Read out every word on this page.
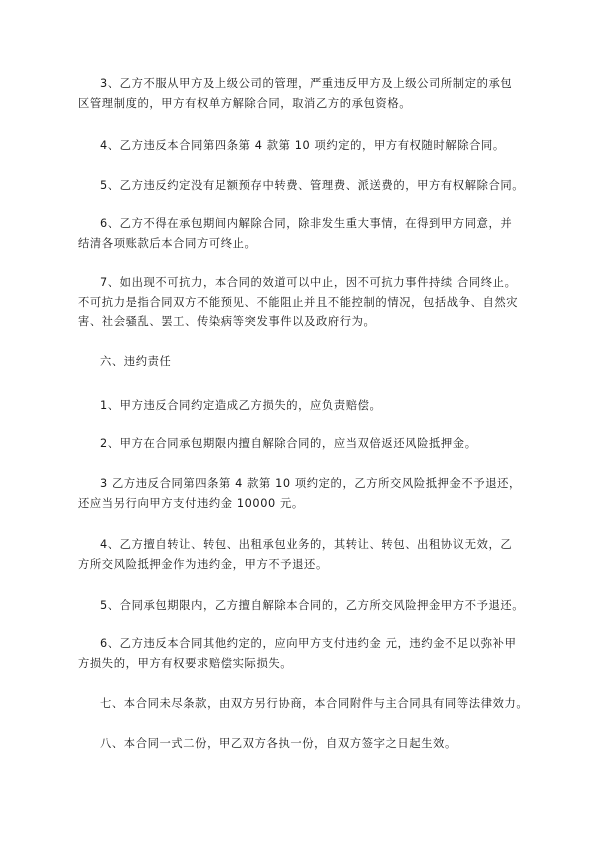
3、乙方不服从甲方及上级公司的管理，严重违反甲方及上级公司所制定的承包
区管理制度的，甲方有权单方解除合同，取消乙方的承包资格。
4、乙方违反本合同第四条第 4 款第 10 项约定的，甲方有权随时解除合同。
5、乙方违反约定没有足额预存中转费、管理费、派送费的，甲方有权解除合同。
6、乙方不得在承包期间内解除合同，除非发生重大事情，在得到甲方同意，并
结清各项账款后本合同方可终止。
7、如出现不可抗力，本合同的效道可以中止，因不可抗力事件持续 合同终止。
不可抗力是指合同双方不能预见、不能阻止并且不能控制的情况，包括战争、自然灾
害、社会骚乱、罢工、传染病等突发事件以及政府行为。
六、违约责任
1、甲方违反合同约定造成乙方损失的，应负责赔偿。
2、甲方在合同承包期限内擅自解除合同的，应当双倍返还风险抵押金。
3 乙方违反合同第四条第 4 款第 10 项约定的，乙方所交风险抵押金不予退还，
还应当另行向甲方支付违约金 10000 元。
4、乙方擅自转让、转包、出租承包业务的，其转让、转包、出租协议无效，乙
方所交风险抵押金作为违约金，甲方不予退还。
5、合同承包期限内，乙方擅自解除本合同的，乙方所交风险押金甲方不予退还。
6、乙方违反本合同其他约定的，应向甲方支付违约金 元，违约金不足以弥补甲
方损失的，甲方有权要求赔偿实际损失。
七、本合同未尽条款，由双方另行协商，本合同附件与主合同具有同等法律效力。
八、本合同一式二份，甲乙双方各执一份，自双方签字之日起生效。
